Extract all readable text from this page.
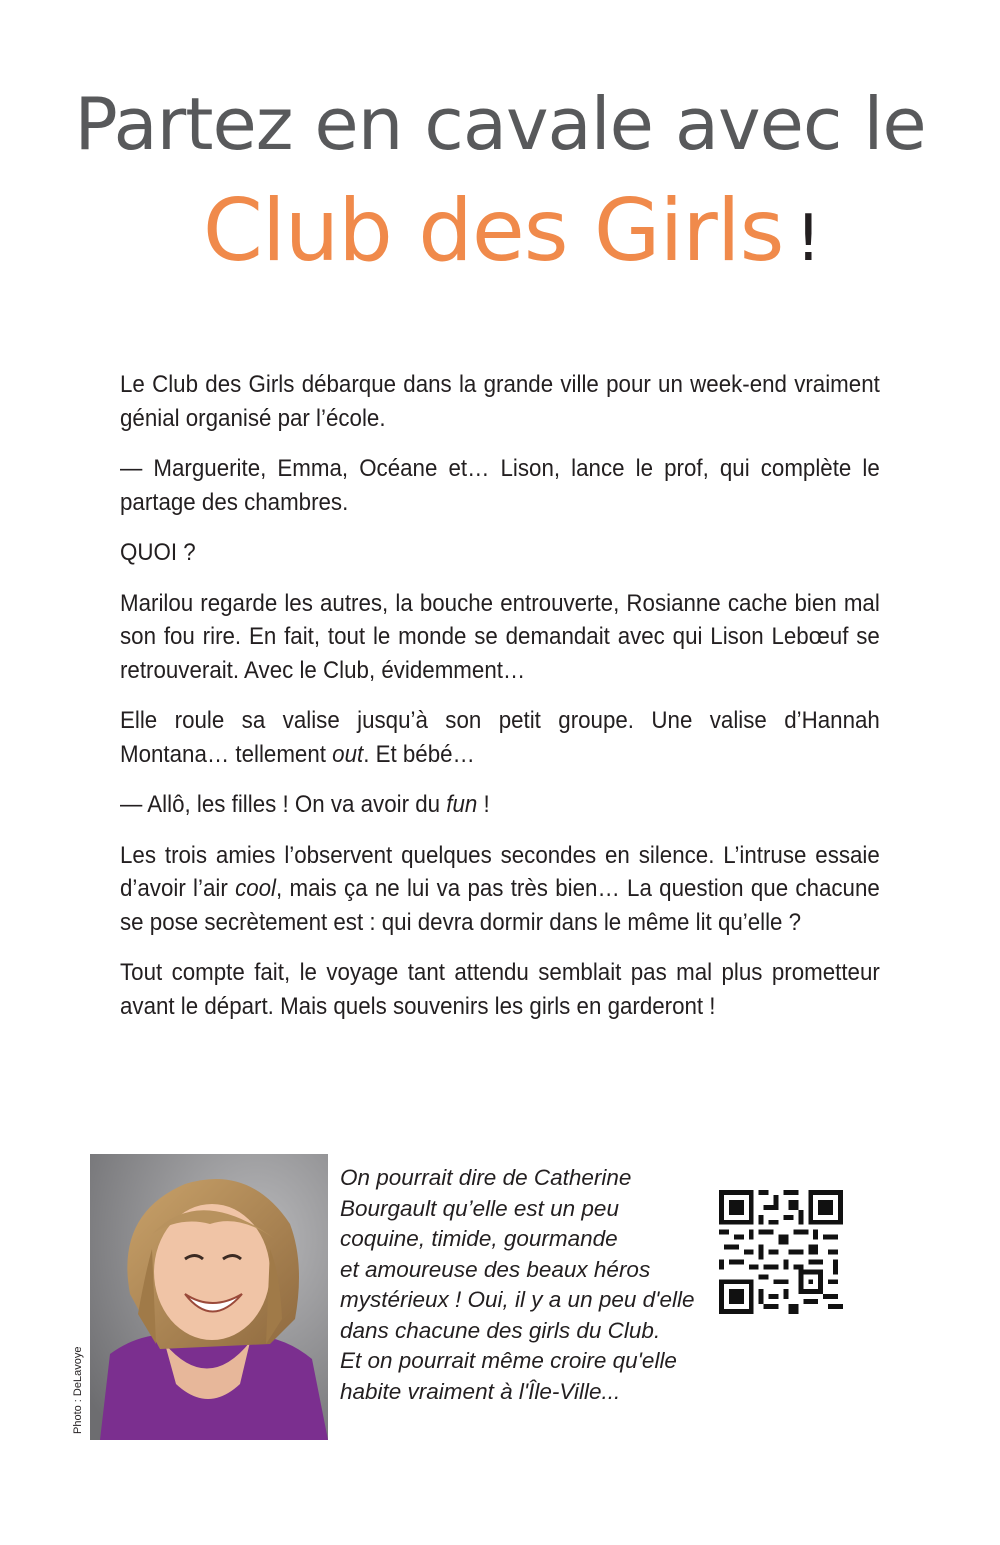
Partez en cavale avec le
Club des Girls !

Le Club des Girls débarque dans la grande ville pour un week-end vraiment génial organisé par l’école.

— Marguerite, Emma, Océane et… Lison, lance le prof, qui complète le partage des chambres.

QUOI ?

Marilou regarde les autres, la bouche entrouverte, Rosianne cache bien mal son fou rire. En fait, tout le monde se demandait avec qui Lison Lebœuf se retrouverait. Avec le Club, évidemment…

Elle roule sa valise jusqu’à son petit groupe. Une valise d’Hannah Montana… tellement out. Et bébé…

— Allô, les filles ! On va avoir du fun !

Les trois amies l’observent quelques secondes en silence. L’intruse essaie d’avoir l’air cool, mais ça ne lui va pas très bien… La question que chacune se pose secrètement est : qui devra dormir dans le même lit qu’elle ?

Tout compte fait, le voyage tant attendu semblait pas mal plus prometteur avant le départ. Mais quels souvenirs les girls en garderont !

Photo : DeLavoye
On pourrait dire de Catherine
Bourgault qu’elle est un peu
coquine, timide, gourmande
et amoureuse des beaux héros
mystérieux ! Oui, il y a un peu d'elle
dans chacune des girls du Club.
Et on pourrait même croire qu'elle
habite vraiment à l'Île-Ville...
